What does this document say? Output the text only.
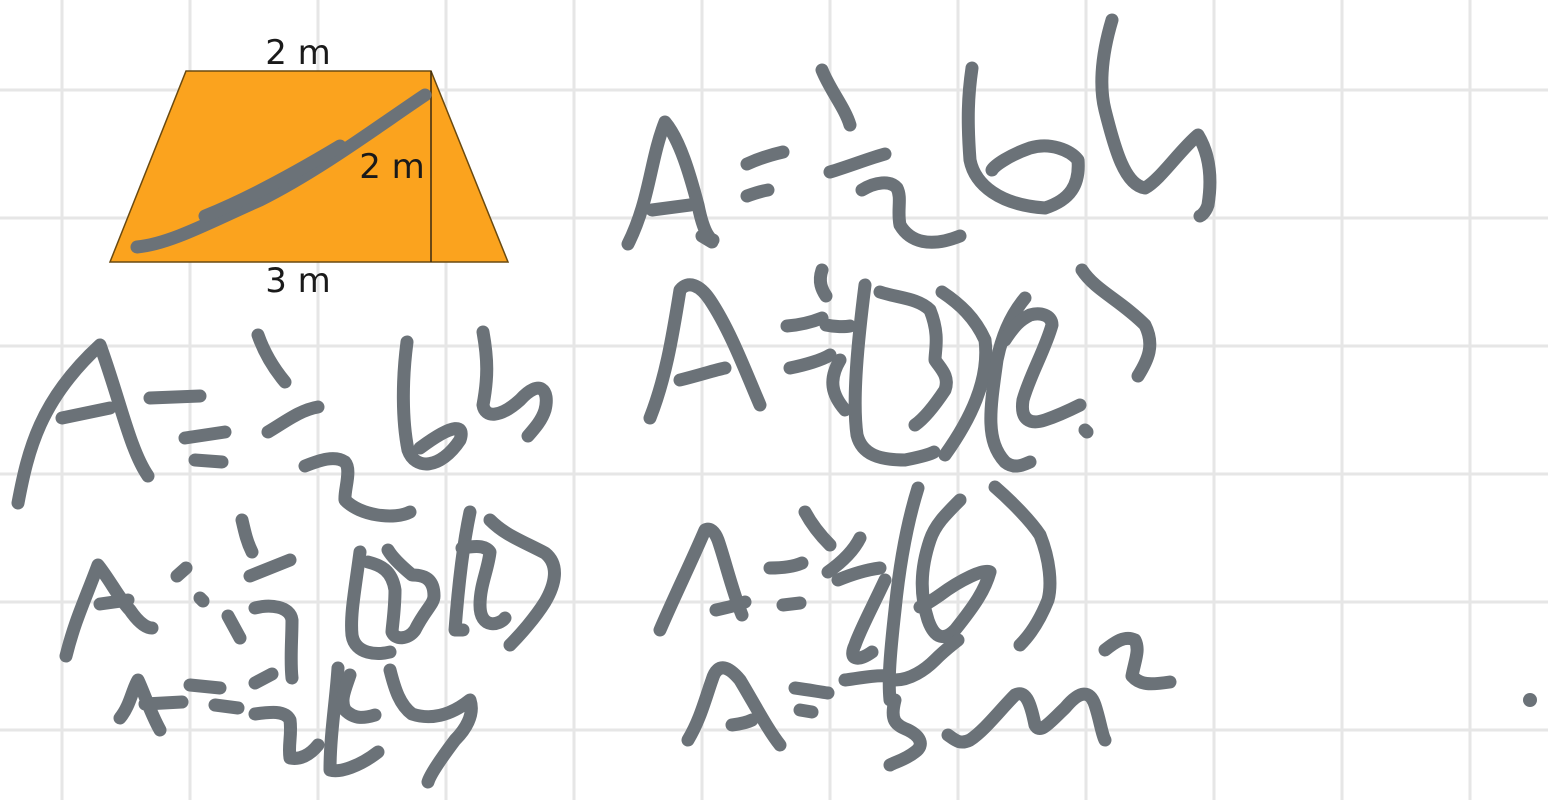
2 m
2 m
3 m
